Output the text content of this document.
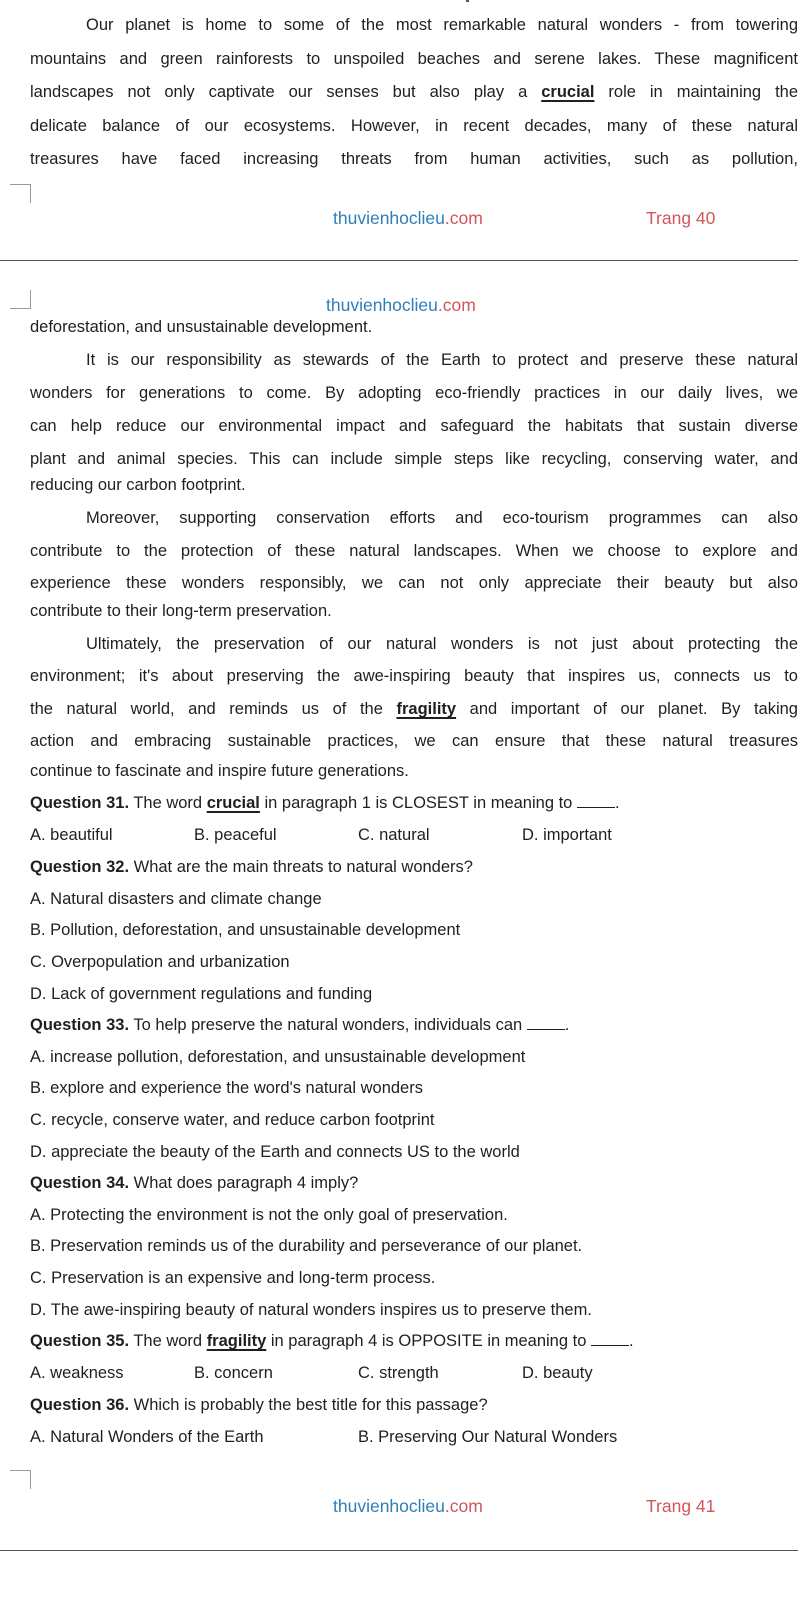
Our planet is home to some of the most remarkable natural wonders - from towering
mountains and green rainforests to unspoiled beaches and serene lakes. These magnificent
landscapes not only captivate our senses but also play a crucial role in maintaining the
delicate balance of our ecosystems. However, in recent decades, many of these natural
treasures have faced increasing threats from human activities, such as pollution,
thuvienhoclieu.com	Trang 40
thuvienhoclieu.com
deforestation, and unsustainable development.
It is our responsibility as stewards of the Earth to protect and preserve these natural
wonders for generations to come. By adopting eco-friendly practices in our daily lives, we
can help reduce our environmental impact and safeguard the habitats that sustain diverse
plant and animal species. This can include simple steps like recycling, conserving water, and
reducing our carbon footprint.
Moreover, supporting conservation efforts and eco-tourism programmes can also
contribute to the protection of these natural landscapes. When we choose to explore and
experience these wonders responsibly, we can not only appreciate their beauty but also
contribute to their long-term preservation.
Ultimately, the preservation of our natural wonders is not just about protecting the
environment; it's about preserving the awe-inspiring beauty that inspires us, connects us to
the natural world, and reminds us of the fragility and important of our planet. By taking
action and embracing sustainable practices, we can ensure that these natural treasures
continue to fascinate and inspire future generations.
Question 31. The word crucial in paragraph 1 is CLOSEST in meaning to .
A. beautiful	B. peaceful	C. natural	D. important
Question 32. What are the main threats to natural wonders?
A. Natural disasters and climate change
B. Pollution, deforestation, and unsustainable development
C. Overpopulation and urbanization
D. Lack of government regulations and funding
Question 33. To help preserve the natural wonders, individuals can .
A. increase pollution, deforestation, and unsustainable development
B. explore and experience the word's natural wonders
C. recycle, conserve water, and reduce carbon footprint
D. appreciate the beauty of the Earth and connects US to the world
Question 34. What does paragraph 4 imply?
A. Protecting the environment is not the only goal of preservation.
B. Preservation reminds us of the durability and perseverance of our planet.
C. Preservation is an expensive and long-term process.
D. The awe-inspiring beauty of natural wonders inspires us to preserve them.
Question 35. The word fragility in paragraph 4 is OPPOSITE in meaning to .
A. weakness	B. concern	C. strength	D. beauty
Question 36. Which is probably the best title for this passage?
A. Natural Wonders of the Earth	B. Preserving Our Natural Wonders
thuvienhoclieu.com	Trang 41
